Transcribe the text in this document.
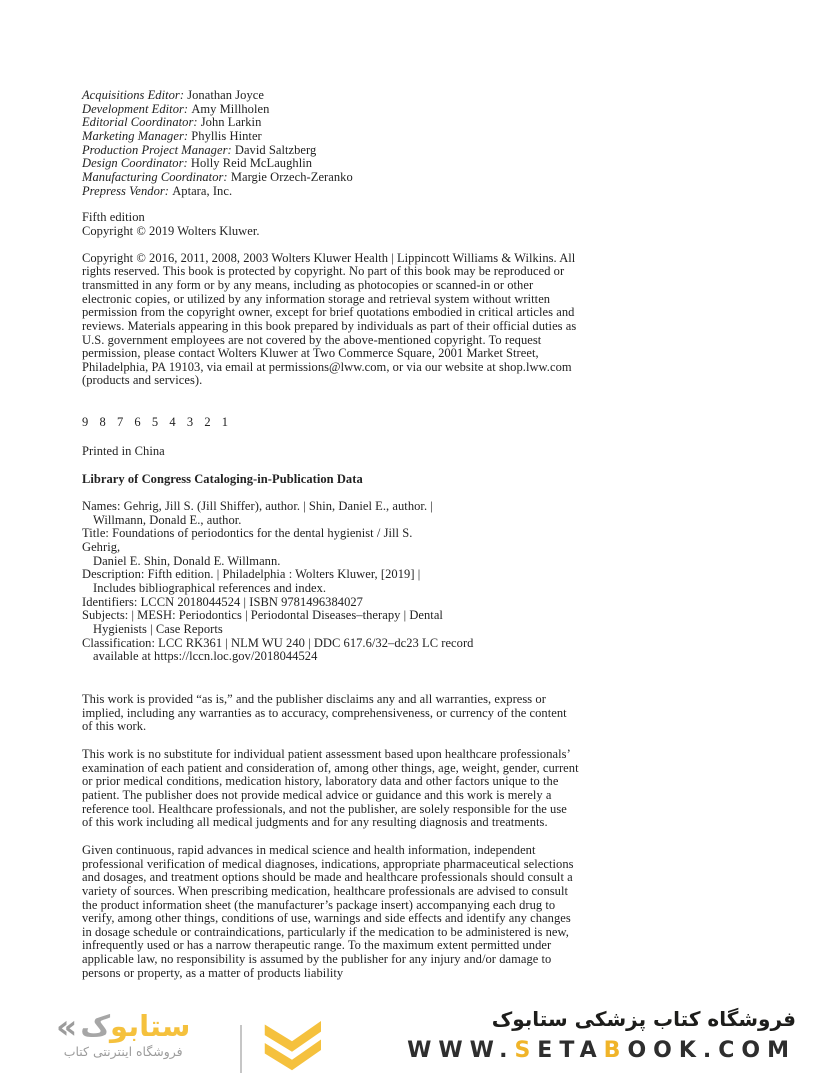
Acquisitions Editor: Jonathan Joyce
Development Editor: Amy Millholen
Editorial Coordinator: John Larkin
Marketing Manager: Phyllis Hinter
Production Project Manager: David Saltzberg
Design Coordinator: Holly Reid McLaughlin
Manufacturing Coordinator: Margie Orzech-Zeranko
Prepress Vendor: Aptara, Inc.
Fifth edition
Copyright © 2019 Wolters Kluwer.

Copyright © 2016, 2011, 2008, 2003 Wolters Kluwer Health | Lippincott Williams & Wilkins. All rights reserved. This book is protected by copyright. No part of this book may be reproduced or transmitted in any form or by any means, including as photocopies or scanned-in or other electronic copies, or utilized by any information storage and retrieval system without written permission from the copyright owner, except for brief quotations embodied in critical articles and reviews. Materials appearing in this book prepared by individuals as part of their official duties as U.S. government employees are not covered by the above-mentioned copyright. To request permission, please contact Wolters Kluwer at Two Commerce Square, 2001 Market Street, Philadelphia, PA 19103, via email at permissions@lww.com, or via our website at shop.lww.com (products and services).

9 8 7 6 5 4 3 2 1
Printed in China
Library of Congress Cataloging-in-Publication Data
Names: Gehrig, Jill S. (Jill Shiffer), author. | Shin, Daniel E., author. |
Willmann, Donald E., author.
Title: Foundations of periodontics for the dental hygienist / Jill S.
Gehrig,
Daniel E. Shin, Donald E. Willmann.
Description: Fifth edition. | Philadelphia : Wolters Kluwer, [2019] |
Includes bibliographical references and index.
Identifiers: LCCN 2018044524 | ISBN 9781496384027
Subjects: | MESH: Periodontics | Periodontal Diseases–therapy | Dental
Hygienists | Case Reports
Classification: LCC RK361 | NLM WU 240 | DDC 617.6/32–dc23 LC record
available at https://lccn.loc.gov/2018044524

This work is provided “as is,” and the publisher disclaims any and all warranties, express or implied, including any warranties as to accuracy, comprehensiveness, or currency of the content of this work.

This work is no substitute for individual patient assessment based upon healthcare professionals’ examination of each patient and consideration of, among other things, age, weight, gender, current or prior medical conditions, medication history, laboratory data and other factors unique to the patient. The publisher does not provide medical advice or guidance and this work is merely a reference tool. Healthcare professionals, and not the publisher, are solely responsible for the use of this work including all medical judgments and for any resulting diagnosis and treatments.

Given continuous, rapid advances in medical science and health information, independent professional verification of medical diagnoses, indications, appropriate pharmaceutical selections and dosages, and treatment options should be made and healthcare professionals should consult a variety of sources. When prescribing medication, healthcare professionals are advised to consult the product information sheet (the manufacturer’s package insert) accompanying each drug to verify, among other things, conditions of use, warnings and side effects and identify any changes in dosage schedule or contraindications, particularly if the medication to be administered is new, infrequently used or has a narrow therapeutic range. To the maximum extent permitted under applicable law, no responsibility is assumed by the publisher for any injury and/or damage to persons or property, as a matter of products liability

«	ستابوک
فروشگاه اینترنتی کتاب
فروشگاه کتاب پزشکی ستابوک
WWW.SETABOOK.COM
